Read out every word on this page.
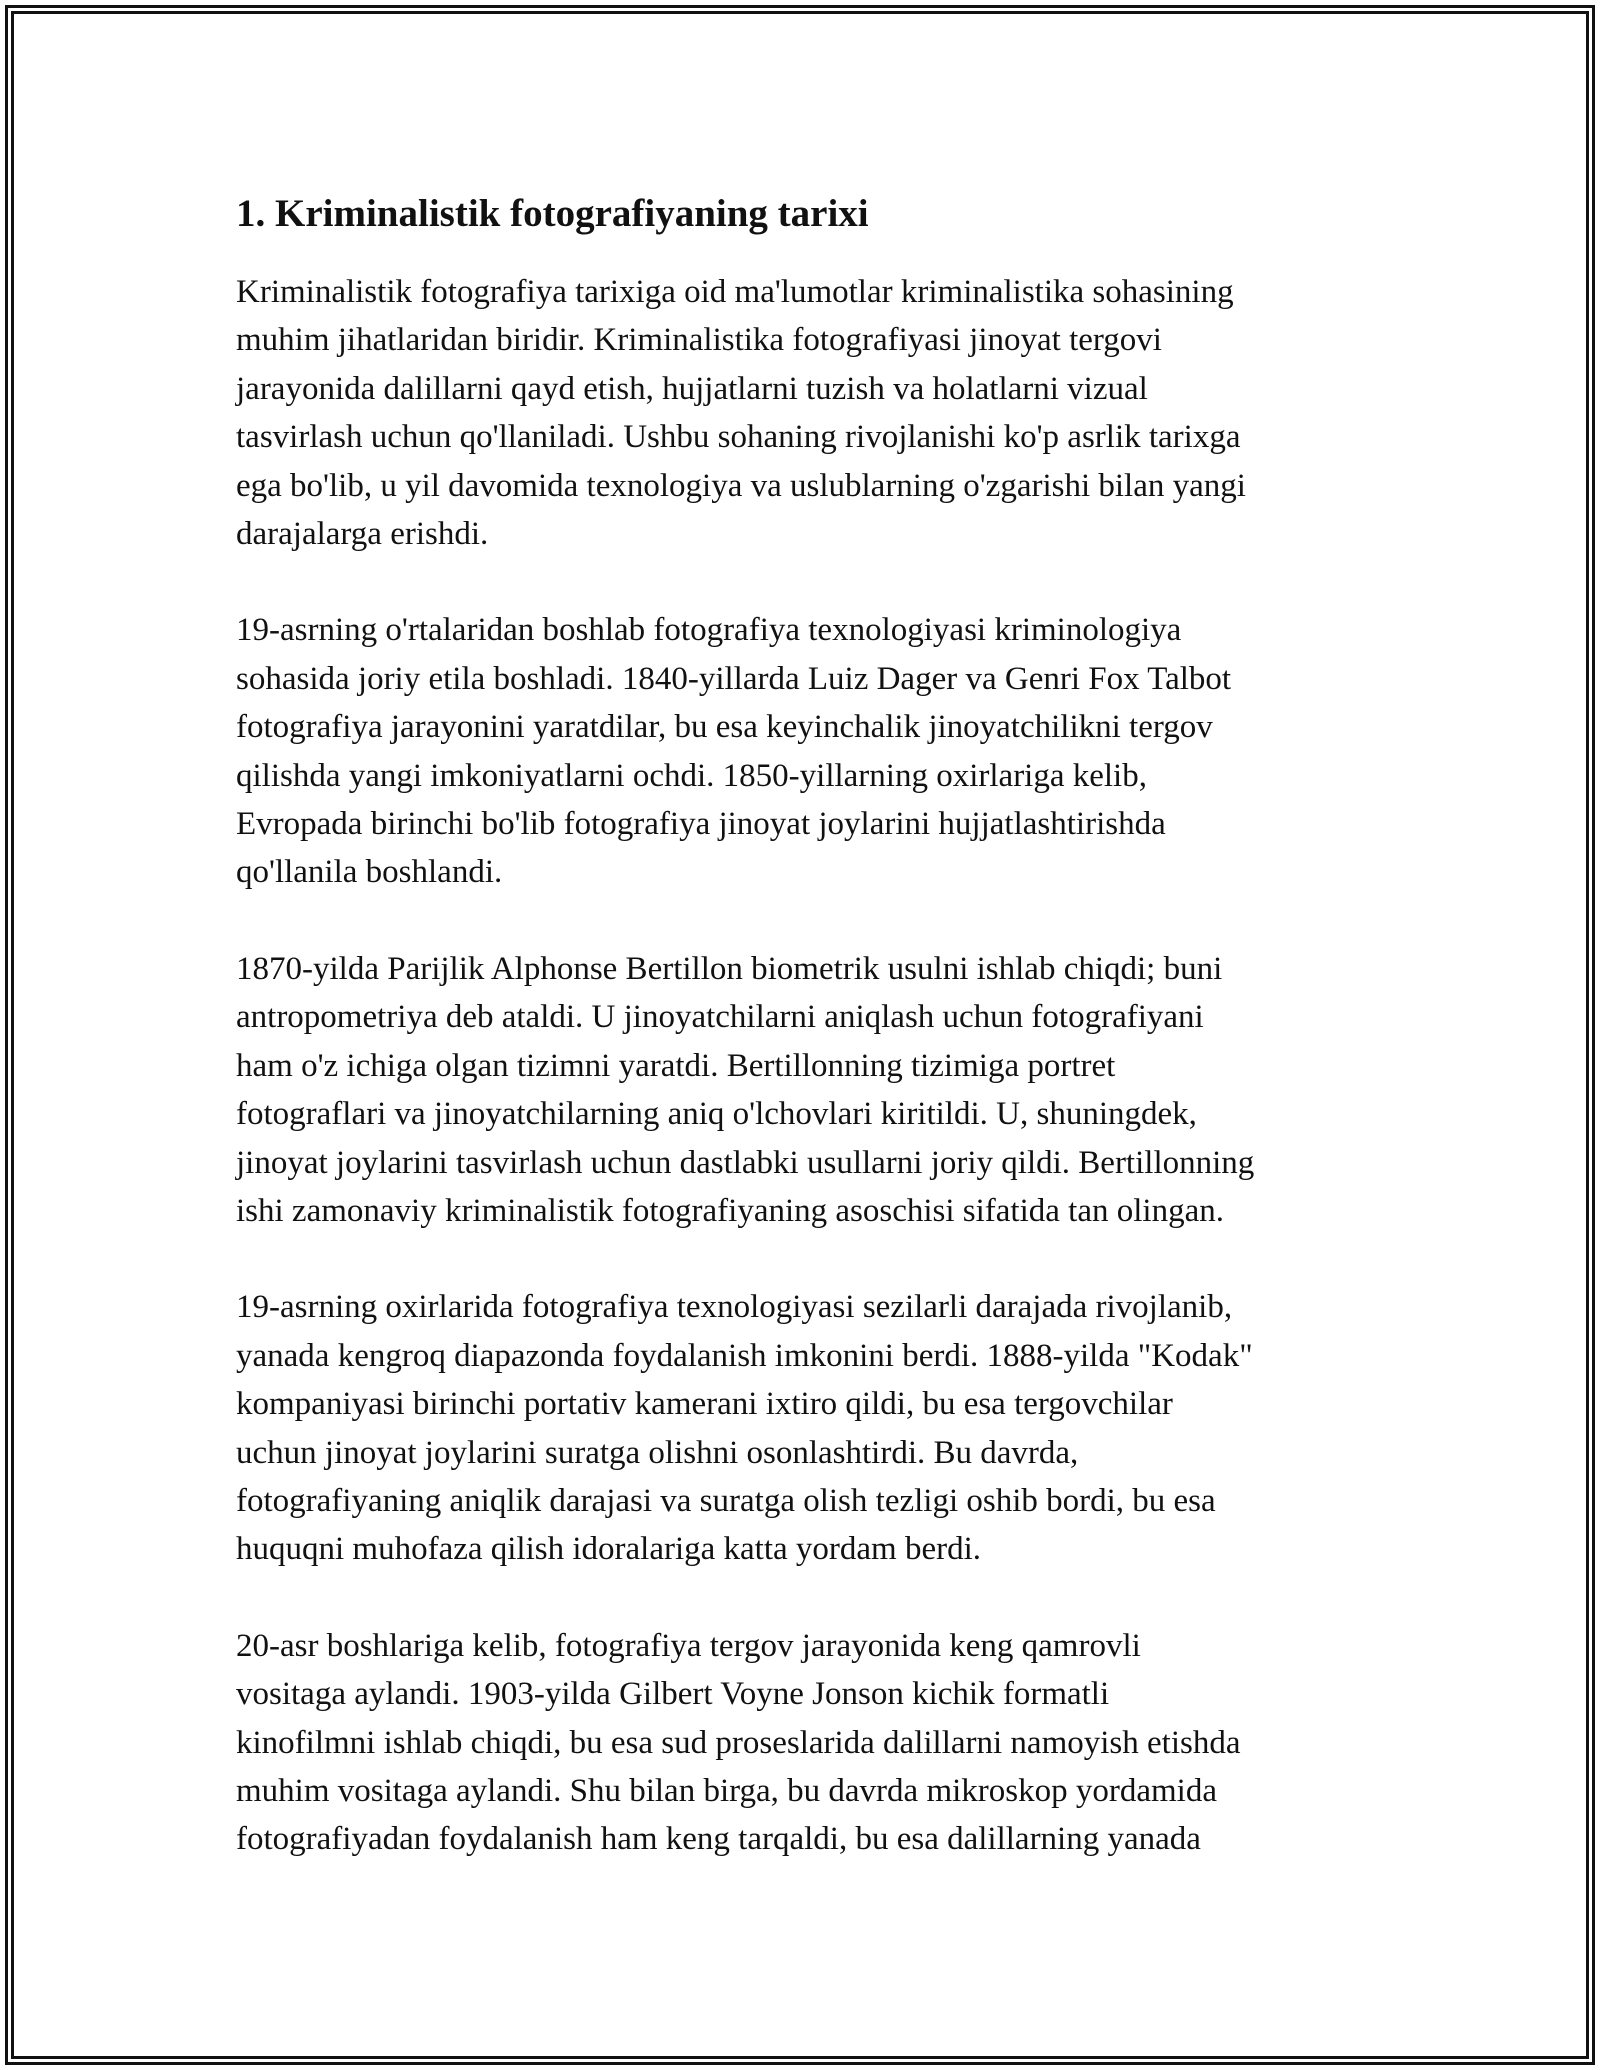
1. Kriminalistik fotografiyaning tarixi
Kriminalistik fotografiya tarixiga oid ma'lumotlar kriminalistika sohasining
muhim jihatlaridan biridir. Kriminalistika fotografiyasi jinoyat tergovi
jarayonida dalillarni qayd etish, hujjatlarni tuzish va holatlarni vizual
tasvirlash uchun qo'llaniladi. Ushbu sohaning rivojlanishi ko'p asrlik tarixga
ega bo'lib, u yil davomida texnologiya va uslublarning o'zgarishi bilan yangi
darajalarga erishdi.
19-asrning o'rtalaridan boshlab fotografiya texnologiyasi kriminologiya
sohasida joriy etila boshladi. 1840-yillarda Luiz Dager va Genri Fox Talbot
fotografiya jarayonini yaratdilar, bu esa keyinchalik jinoyatchilikni tergov
qilishda yangi imkoniyatlarni ochdi. 1850-yillarning oxirlariga kelib,
Evropada birinchi bo'lib fotografiya jinoyat joylarini hujjatlashtirishda
qo'llanila boshlandi.
1870-yilda Parijlik Alphonse Bertillon biometrik usulni ishlab chiqdi; buni
antropometriya deb ataldi. U jinoyatchilarni aniqlash uchun fotografiyani
ham o'z ichiga olgan tizimni yaratdi. Bertillonning tizimiga portret
fotograflari va jinoyatchilarning aniq o'lchovlari kiritildi. U, shuningdek,
jinoyat joylarini tasvirlash uchun dastlabki usullarni joriy qildi. Bertillonning
ishi zamonaviy kriminalistik fotografiyaning asoschisi sifatida tan olingan.
19-asrning oxirlarida fotografiya texnologiyasi sezilarli darajada rivojlanib,
yanada kengroq diapazonda foydalanish imkonini berdi. 1888-yilda "Kodak"
kompaniyasi birinchi portativ kamerani ixtiro qildi, bu esa tergovchilar
uchun jinoyat joylarini suratga olishni osonlashtirdi. Bu davrda,
fotografiyaning aniqlik darajasi va suratga olish tezligi oshib bordi, bu esa
huquqni muhofaza qilish idoralariga katta yordam berdi.
20-asr boshlariga kelib, fotografiya tergov jarayonida keng qamrovli
vositaga aylandi. 1903-yilda Gilbert Voyne Jonson kichik formatli
kinofilmni ishlab chiqdi, bu esa sud proseslarida dalillarni namoyish etishda
muhim vositaga aylandi. Shu bilan birga, bu davrda mikroskop yordamida
fotografiyadan foydalanish ham keng tarqaldi, bu esa dalillarning yanada
